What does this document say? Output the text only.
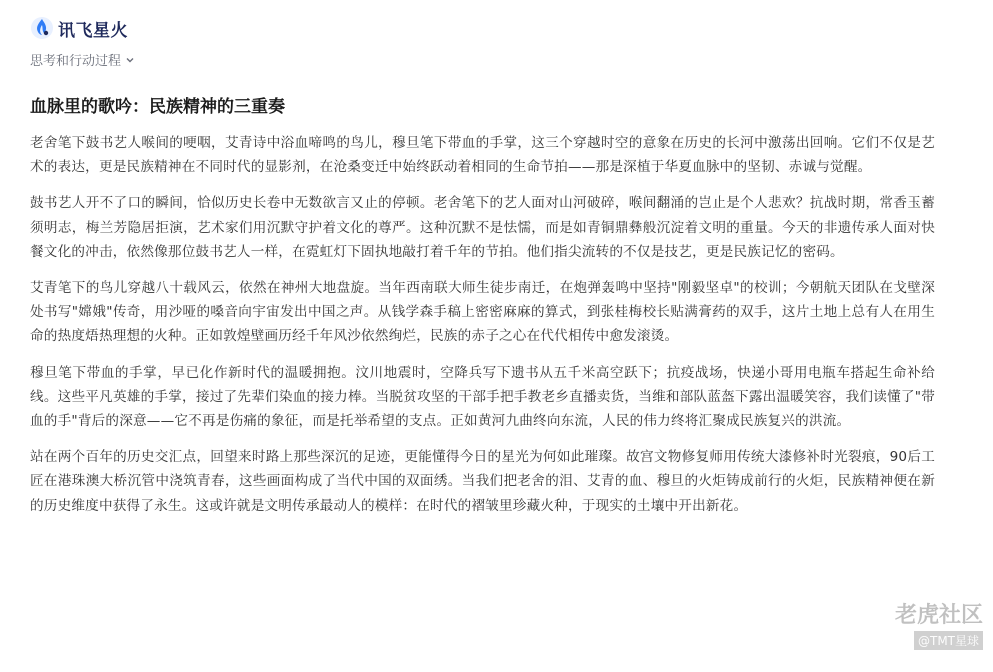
讯飞星火
思考和行动过程
血脉里的歌吟：民族精神的三重奏

老舍笔下鼓书艺人喉间的哽咽，艾青诗中浴血啼鸣的鸟儿，穆旦笔下带血的手掌，这三个穿越时空的意象在历史的长河中激荡出回响。它们不仅是艺术的表达，更是民族精神在不同时代的显影剂，在沧桑变迁中始终跃动着相同的生命节拍——那是深植于华夏血脉中的坚韧、赤诚与觉醒。

鼓书艺人开不了口的瞬间，恰似历史长卷中无数欲言又止的停顿。老舍笔下的艺人面对山河破碎，喉间翻涌的岂止是个人悲欢？抗战时期，常香玉蓄须明志，梅兰芳隐居拒演，艺术家们用沉默守护着文化的尊严。这种沉默不是怯懦，而是如青铜鼎彝般沉淀着文明的重量。今天的非遗传承人面对快餐文化的冲击，依然像那位鼓书艺人一样，在霓虹灯下固执地敲打着千年的节拍。他们指尖流转的不仅是技艺，更是民族记忆的密码。

艾青笔下的鸟儿穿越八十载风云，依然在神州大地盘旋。当年西南联大师生徒步南迁，在炮弹轰鸣中坚持"刚毅坚卓"的校训；今朝航天团队在戈壁深处书写"嫦娥"传奇，用沙哑的嗓音向宇宙发出中国之声。从钱学森手稿上密密麻麻的算式，到张桂梅校长贴满膏药的双手，这片土地上总有人在用生命的热度焐热理想的火种。正如敦煌壁画历经千年风沙依然绚烂，民族的赤子之心在代代相传中愈发滚烫。

穆旦笔下带血的手掌，早已化作新时代的温暖拥抱。汶川地震时，空降兵写下遗书从五千米高空跃下；抗疫战场，快递小哥用电瓶车搭起生命补给线。这些平凡英雄的手掌，接过了先辈们染血的接力棒。当脱贫攻坚的干部手把手教老乡直播卖货，当维和部队蓝盔下露出温暖笑容，我们读懂了"带血的手"背后的深意——它不再是伤痛的象征，而是托举希望的支点。正如黄河九曲终向东流，人民的伟力终将汇聚成民族复兴的洪流。

站在两个百年的历史交汇点，回望来时路上那些深沉的足迹，更能懂得今日的星光为何如此璀璨。故宫文物修复师用传统大漆修补时光裂痕，90后工匠在港珠澳大桥沉管中浇筑青春，这些画面构成了当代中国的双面绣。当我们把老舍的泪、艾青的血、穆旦的火炬铸成前行的火炬，民族精神便在新的历史维度中获得了永生。这或许就是文明传承最动人的模样：在时代的褶皱里珍藏火种，于现实的土壤中开出新花。

老虎社区
@TMT星球
